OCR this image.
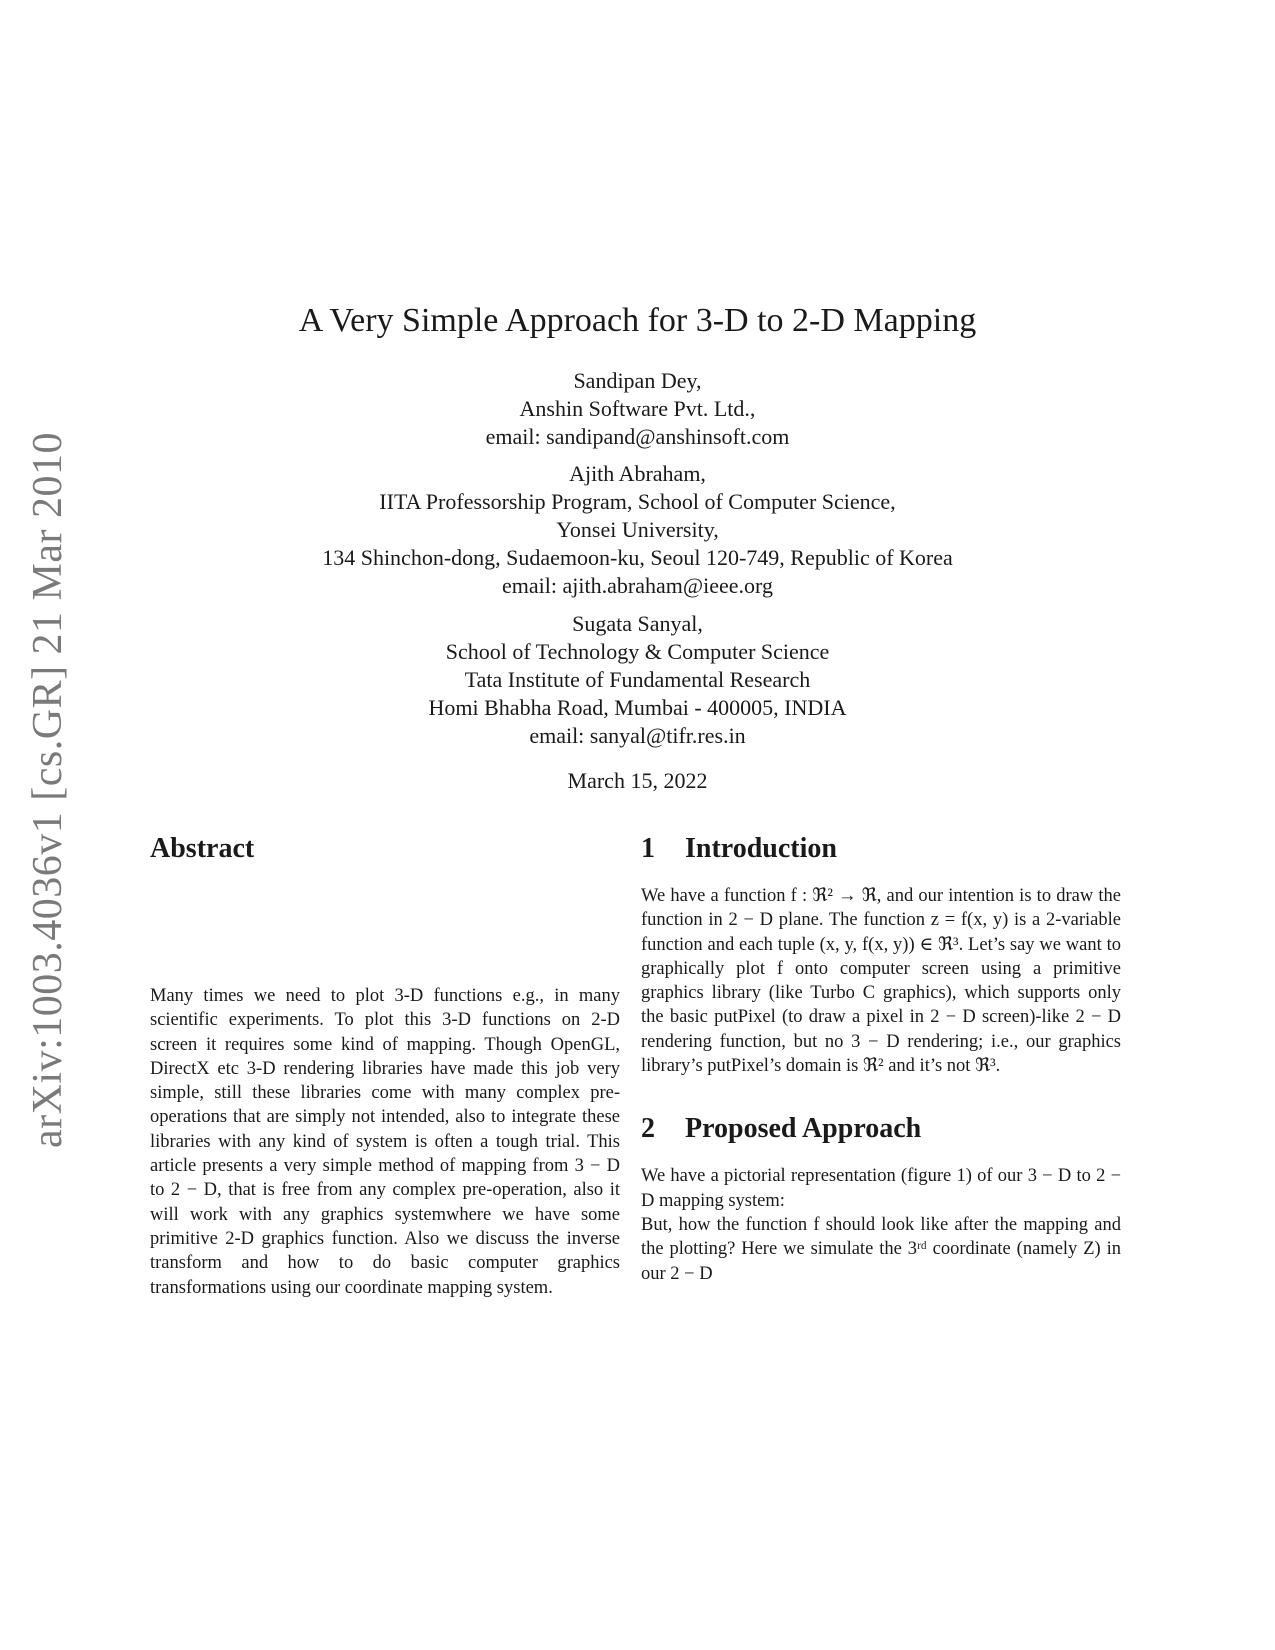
arXiv:1003.4036v1 [cs.GR] 21 Mar 2010
A Very Simple Approach for 3-D to 2-D Mapping
Sandipan Dey,
Anshin Software Pvt. Ltd.,
email: sandipand@anshinsoft.com
Ajith Abraham,
IITA Professorship Program, School of Computer Science,
Yonsei University,
134 Shinchon-dong, Sudaemoon-ku, Seoul 120-749, Republic of Korea
email: ajith.abraham@ieee.org
Sugata Sanyal,
School of Technology & Computer Science
Tata Institute of Fundamental Research
Homi Bhabha Road, Mumbai - 400005, INDIA
email: sanyal@tifr.res.in
March 15, 2022
Abstract

Many times we need to plot 3-D functions e.g., in many scientific experiments. To plot this 3-D functions on 2-D screen it requires some kind of mapping. Though OpenGL, DirectX etc 3-D rendering libraries have made this job very simple, still these libraries come with many complex pre-operations that are simply not intended, also to integrate these libraries with any kind of system is often a tough trial. This article presents a very simple method of mapping from 3 − D to 2 − D, that is free from any complex pre-operation, also it will work with any graphics systemwhere we have some primitive 2-D graphics function. Also we discuss the inverse transform and how to do basic computer graphics transformations using our coordinate mapping system.

1 Introduction

We have a function f : ℜ² → ℜ, and our intention is to draw the function in 2 − D plane. The function z = f(x, y) is a 2-variable function and each tuple (x, y, f(x, y)) ∈ ℜ³. Let’s say we want to graphically plot f onto computer screen using a primitive graphics library (like Turbo C graphics), which supports only the basic putPixel (to draw a pixel in 2 − D screen)-like 2 − D rendering function, but no 3 − D rendering; i.e., our graphics library’s putPixel’s domain is ℜ² and it’s not ℜ³.

2 Proposed Approach

We have a pictorial representation (figure 1) of our 3 − D to 2 − D mapping system:

But, how the function f should look like after the mapping and the plotting? Here we simulate the 3ʳᵈ coordinate (namely Z) in our 2 − D
